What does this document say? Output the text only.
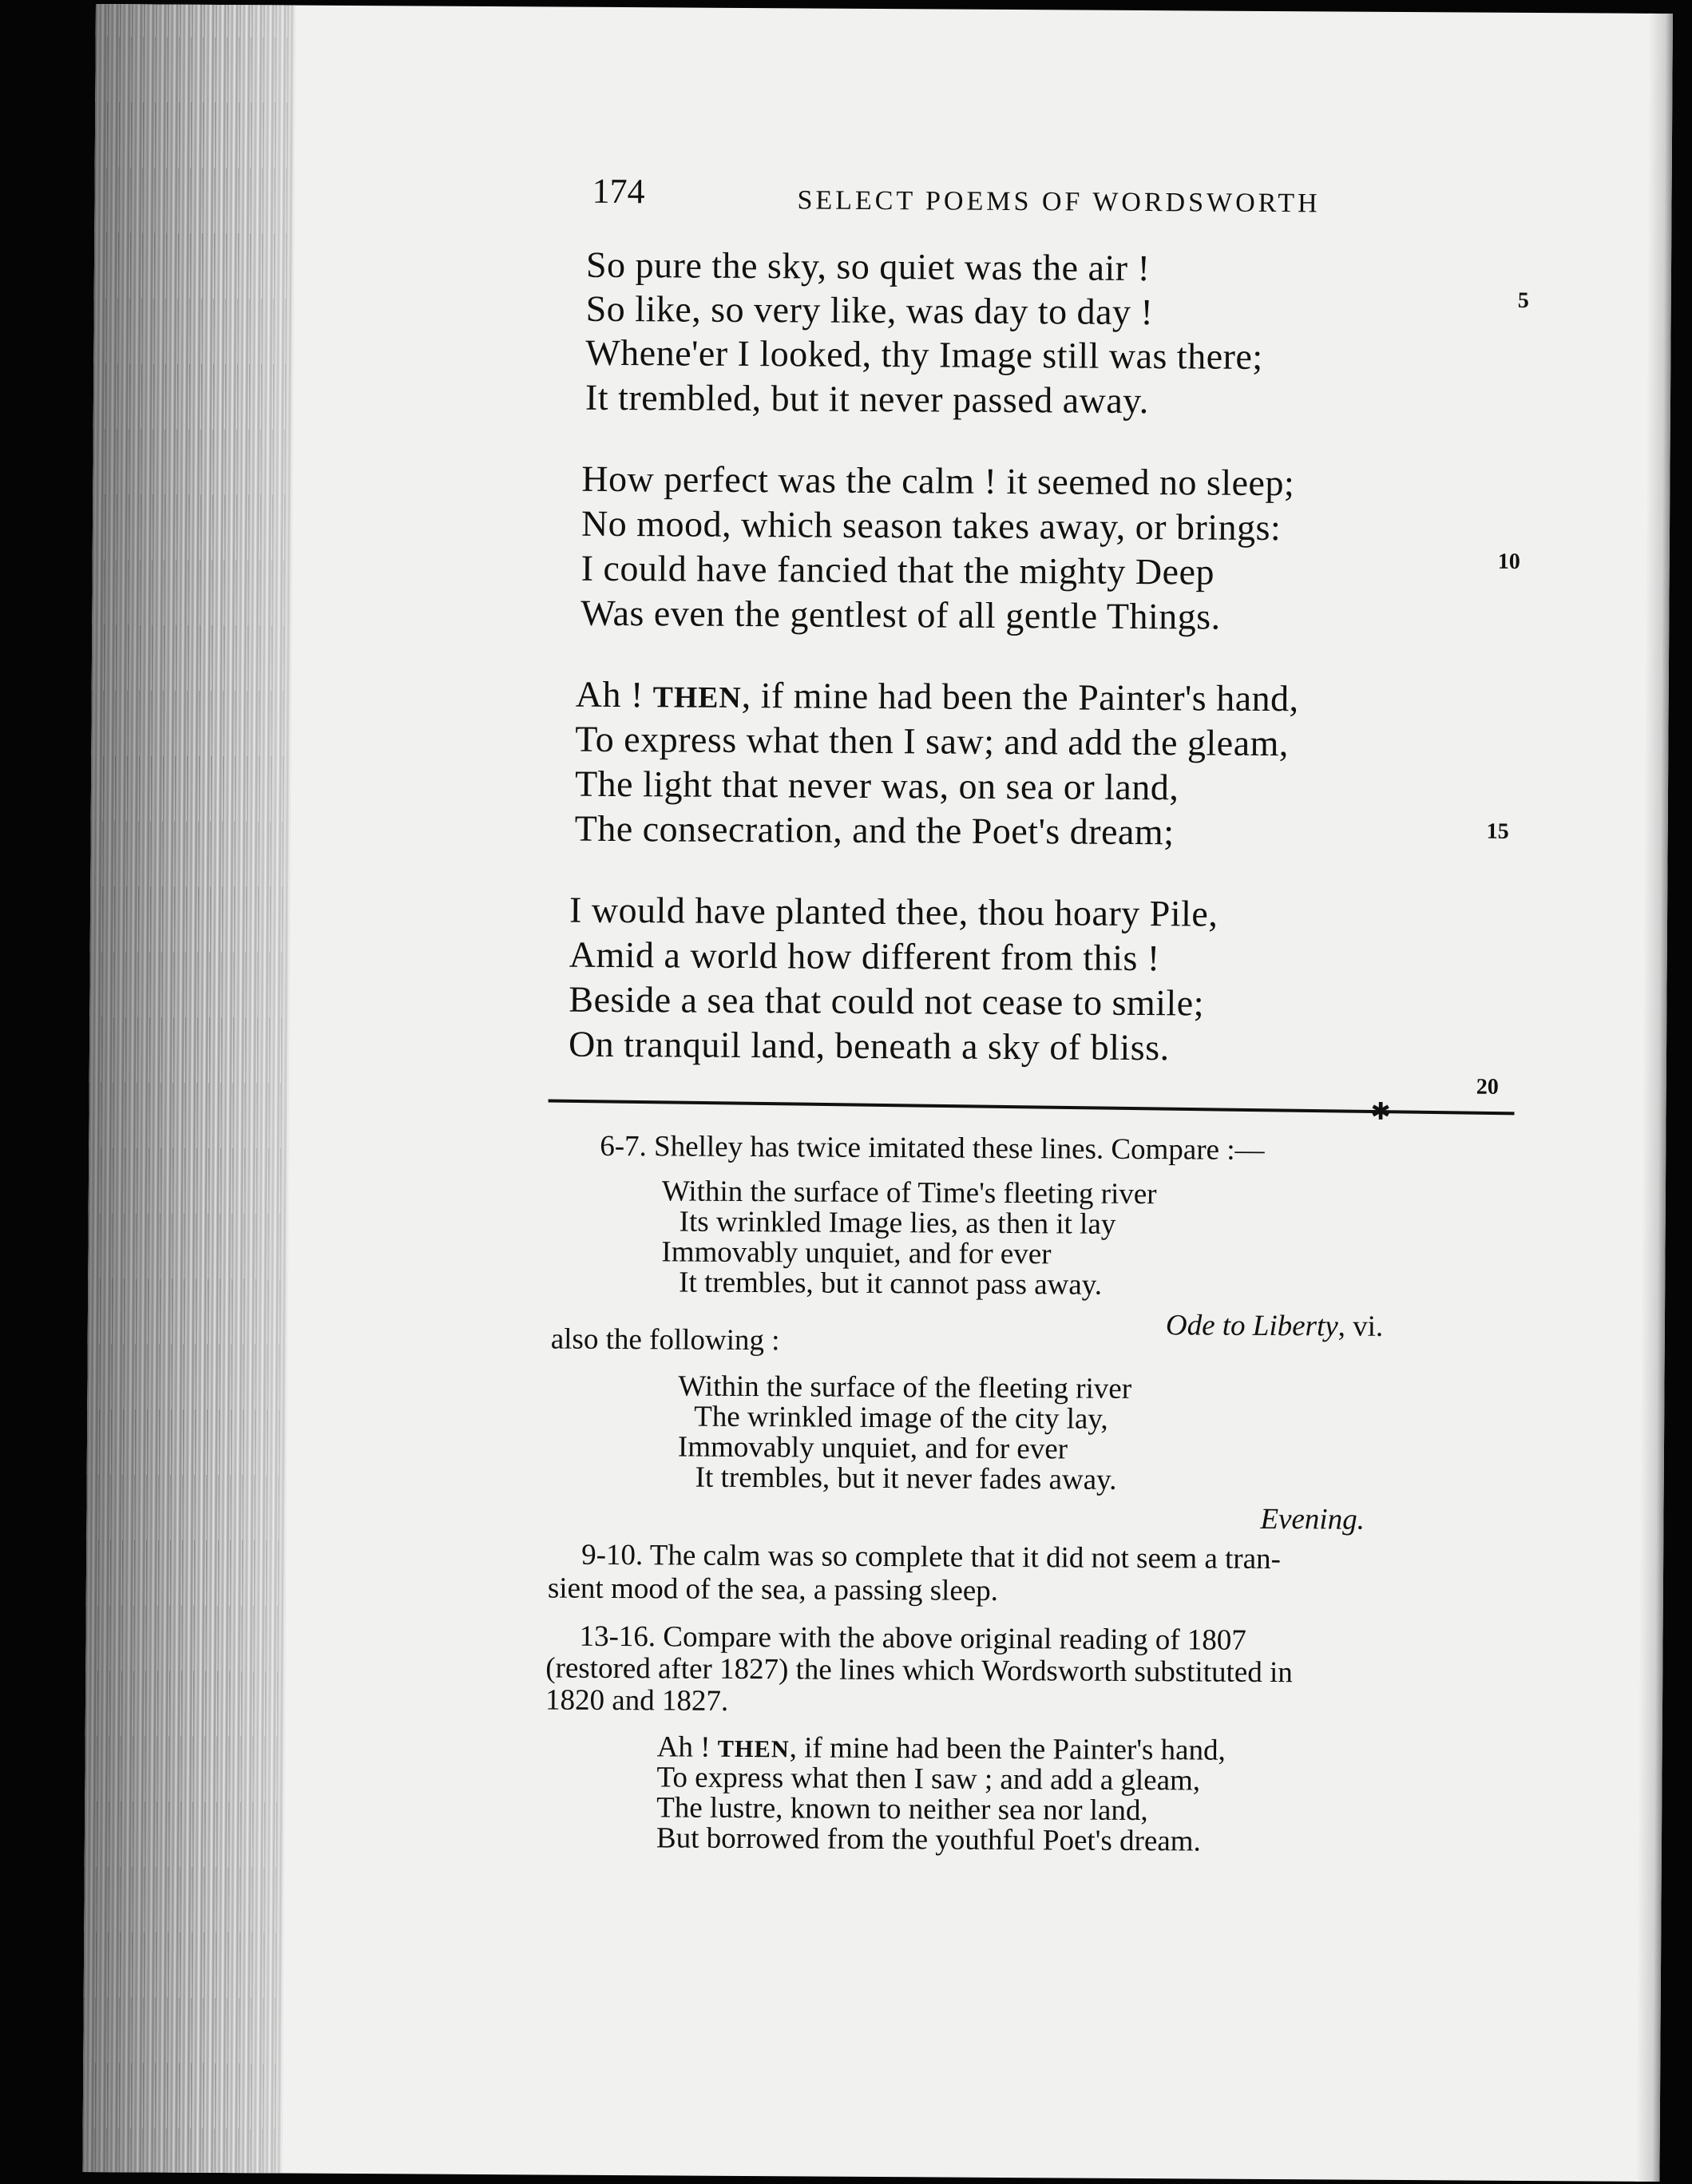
174	SELECT POEMS OF WORDSWORTH
So pure the sky, so quiet was the air !
So like, so very like, was day to day !
Whene'er I looked, thy Image still was there;
It trembled, but it never passed away.
How perfect was the calm ! it seemed no sleep;
No mood, which season takes away, or brings:
I could have fancied that the mighty Deep
Was even the gentlest of all gentle Things.
Ah ! THEN, if mine had been the Painter's hand,
To express what then I saw; and add the gleam,
The light that never was, on sea or land,
The consecration, and the Poet's dream;
I would have planted thee, thou hoary Pile,
Amid a world how different from this !
Beside a sea that could not cease to smile;
On tranquil land, beneath a sky of bliss.
5
10
15
20
✱
6-7. Shelley has twice imitated these lines. Compare :—
Within the surface of Time's fleeting river
Its wrinkled Image lies, as then it lay
Immovably unquiet, and for ever
It trembles, but it cannot pass away.
Ode to Liberty, vi.
also the following :
Within the surface of the fleeting river
The wrinkled image of the city lay,
Immovably unquiet, and for ever
It trembles, but it never fades away.
Evening.
9-10. The calm was so complete that it did not seem a tran-
sient mood of the sea, a passing sleep.
13-16. Compare with the above original reading of 1807
(restored after 1827) the lines which Wordsworth substituted in
1820 and 1827.
Ah ! THEN, if mine had been the Painter's hand,
To express what then I saw ; and add a gleam,
The lustre, known to neither sea nor land,
But borrowed from the youthful Poet's dream.
